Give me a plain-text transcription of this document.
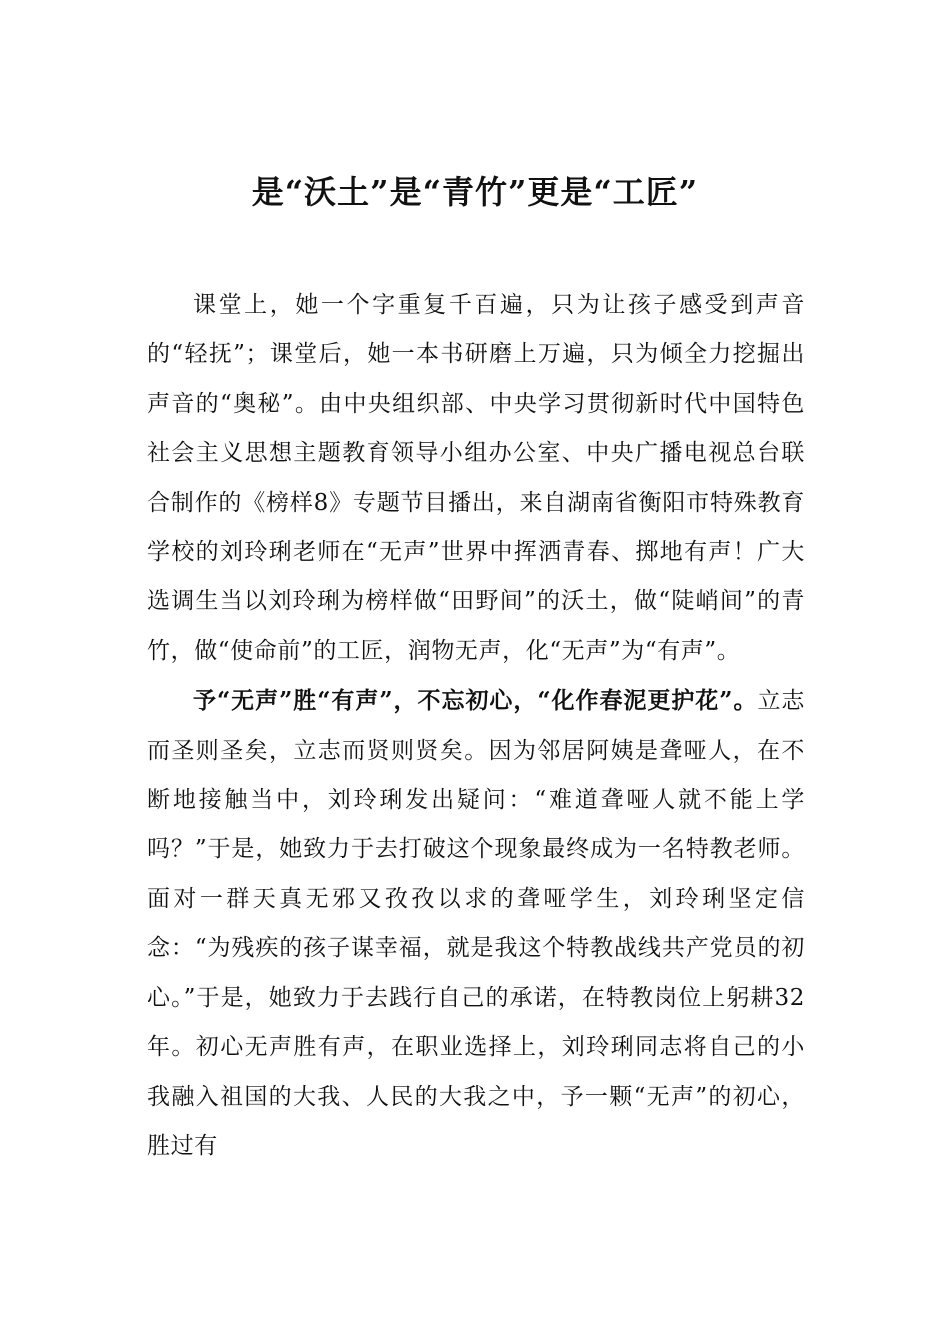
是“沃土”是“青竹”更是“工匠”

课堂上，她一个字重复千百遍，只为让孩子感受到声音的“轻抚”；课堂后，她一本书研磨上万遍，只为倾全力挖掘出声音的“奥秘”。由中央组织部、中央学习贯彻新时代中国特色社会主义思想主题教育领导小组办公室、中央广播电视总台联合制作的《榜样8》专题节目播出，来自湖南省衡阳市特殊教育学校的刘玲琍老师在“无声”世界中挥洒青春、掷地有声！广大选调生当以刘玲琍为榜样做“田野间”的沃土，做“陡峭间”的青竹，做“使命前”的工匠，润物无声，化“无声”为“有声”。

予“无声”胜“有声”，不忘初心，“化作春泥更护花”。立志而圣则圣矣，立志而贤则贤矣。因为邻居阿姨是聋哑人，在不断地接触当中，刘玲琍发出疑问：“难道聋哑人就不能上学吗？”于是，她致力于去打破这个现象最终成为一名特教老师。面对一群天真无邪又孜孜以求的聋哑学生，刘玲琍坚定信念：“为残疾的孩子谋幸福，就是我这个特教战线共产党员的初心。”于是，她致力于去践行自己的承诺，在特教岗位上躬耕32年。初心无声胜有声，在职业选择上，刘玲琍同志将自己的小我融入祖国的大我、人民的大我之中，予一颗“无声”的初心，胜过有
